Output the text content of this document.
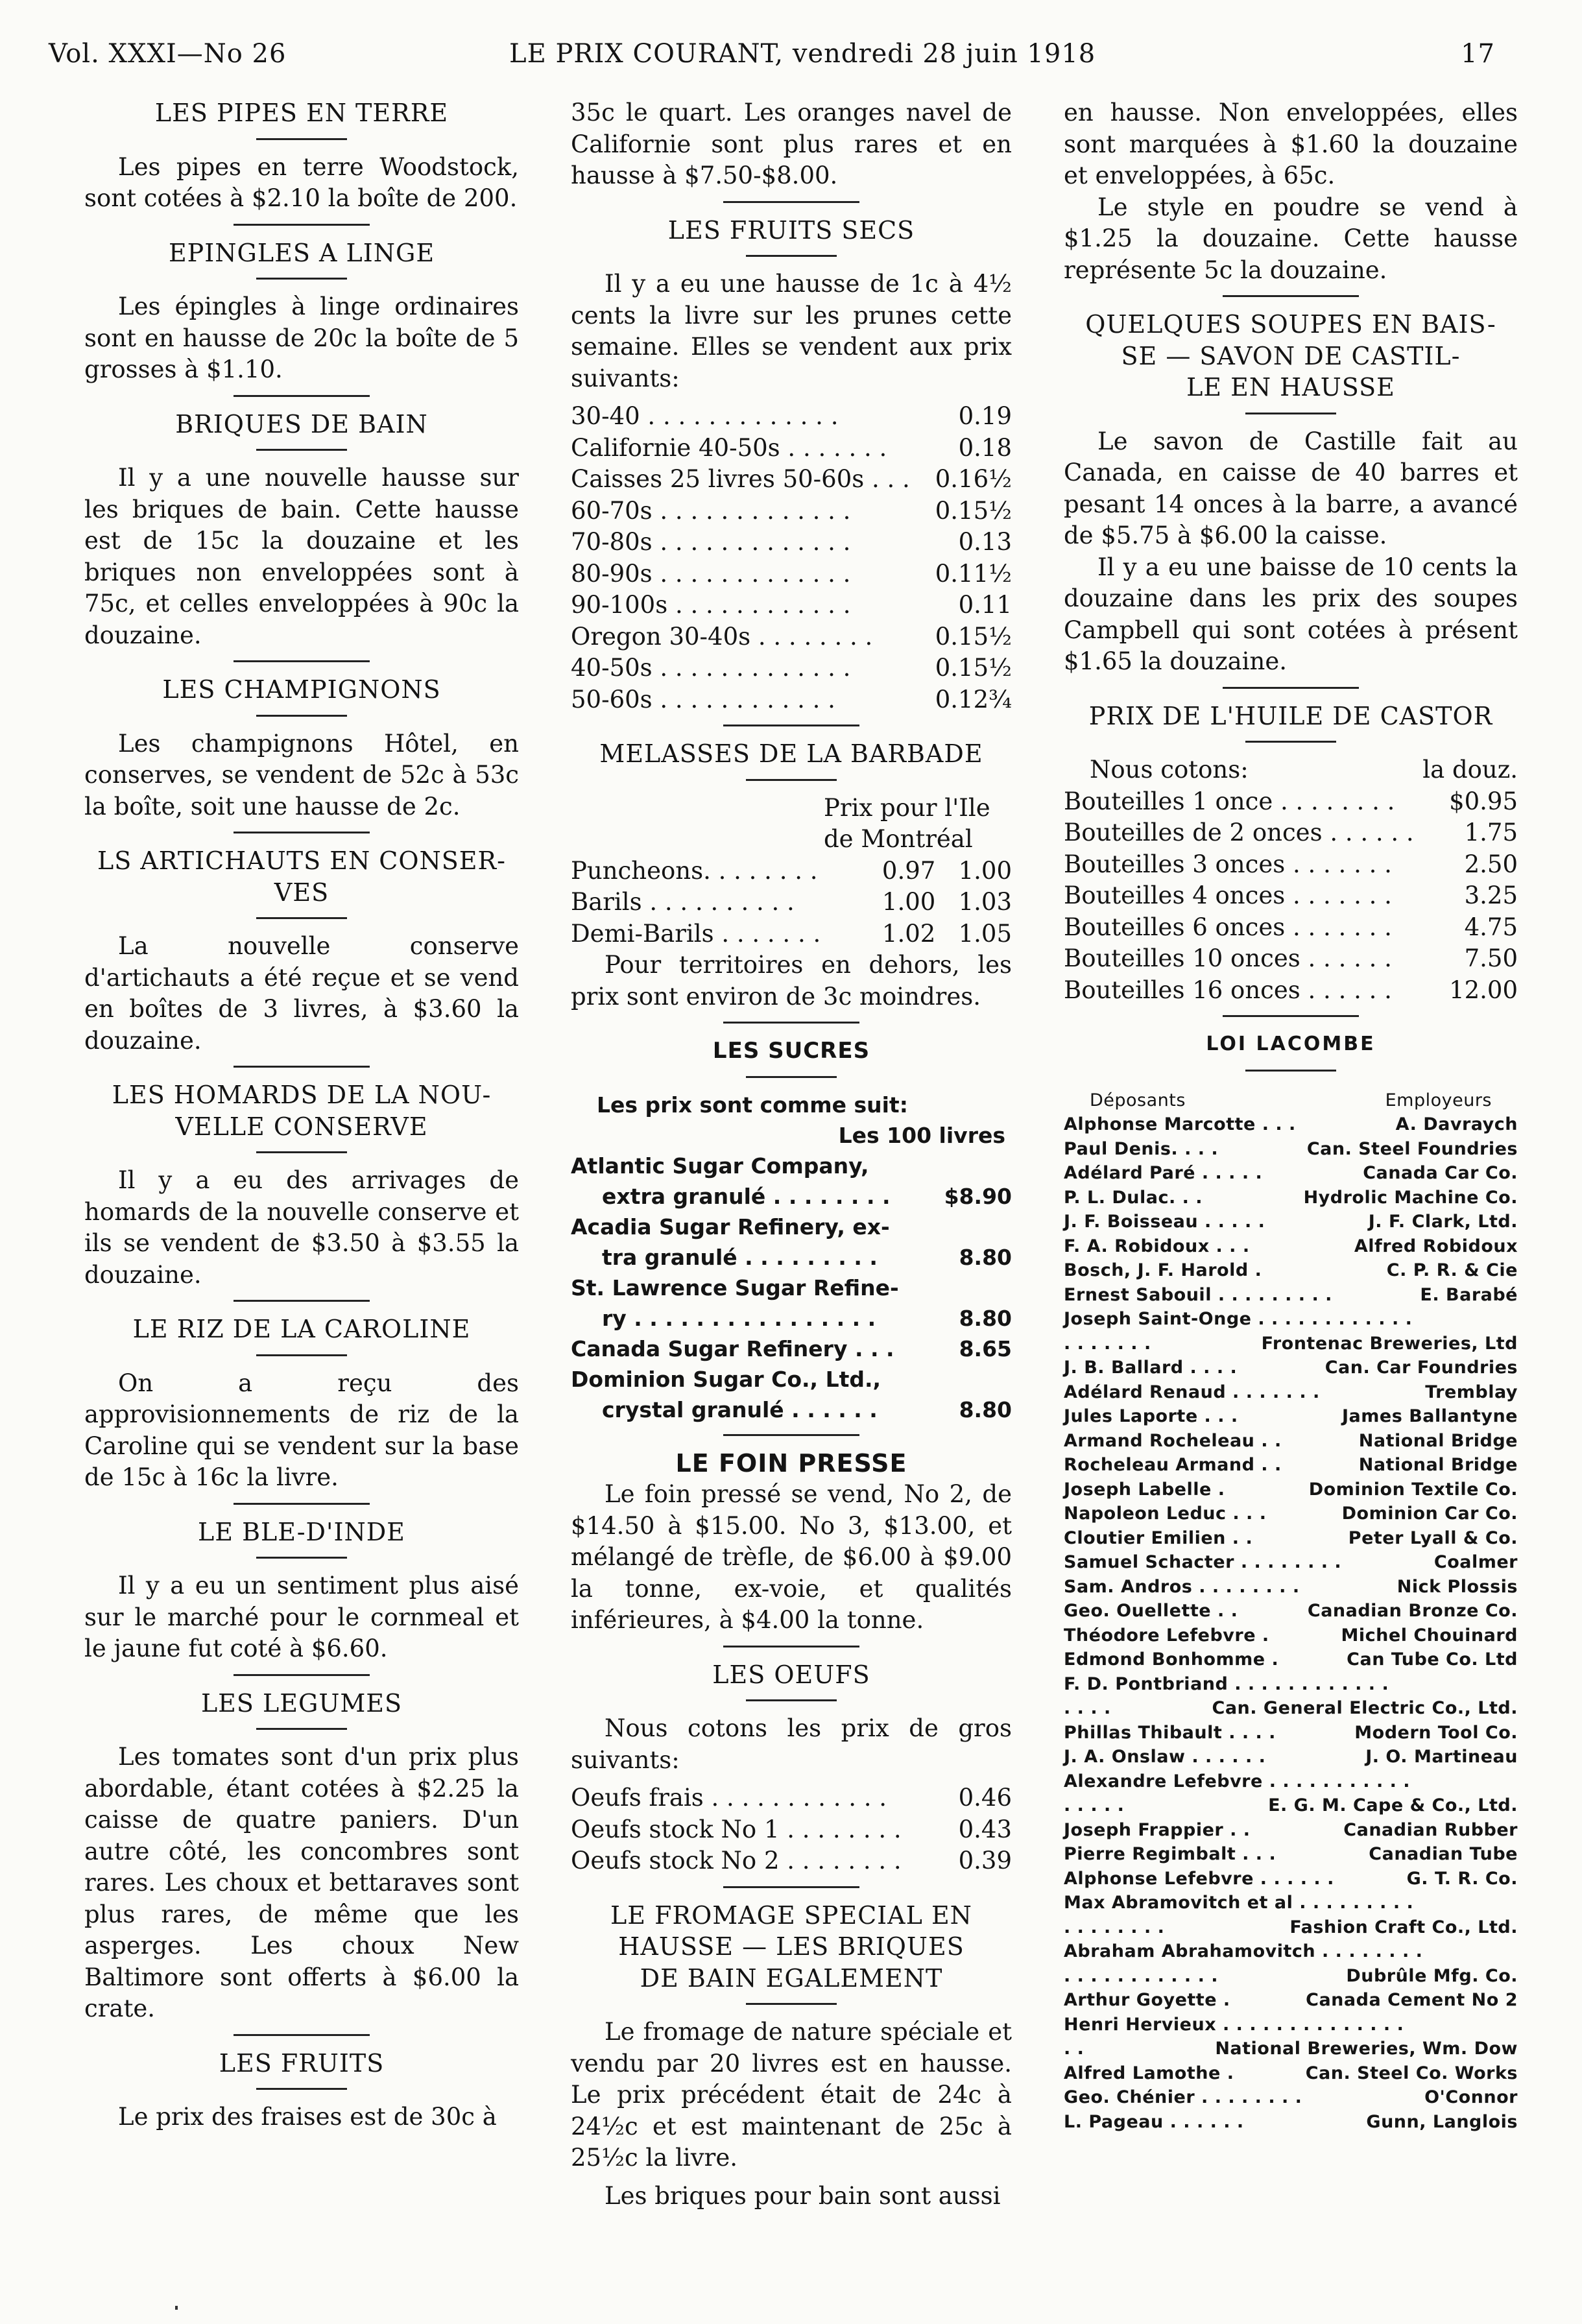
Vol. XXXI—No 26	LE PRIX COURANT, vendredi 28 juin 1918	17

LES PIPES EN TERRE

Les pipes en terre Woodstock, sont cotées à $2.10 la boîte de 200.

EPINGLES A LINGE

Les épingles à linge ordinaires sont en hausse de 20c la boîte de 5 grosses à $1.10.

BRIQUES DE BAIN

Il y a une nouvelle hausse sur les briques de bain. Cette hausse est de 15c la douzaine et les briques non enveloppées sont à 75c, et celles enveloppées à 90c la douzaine.

LES CHAMPIGNONS

Les champignons Hôtel, en conserves, se vendent de 52c à 53c la boîte, soit une hausse de 2c.

LS ARTICHAUTS EN CONSER-

VES

La nouvelle conserve d'artichauts a été reçue et se vend en boîtes de 3 livres, à $3.60 la douzaine.

LES HOMARDS DE LA NOU-

VELLE CONSERVE

Il y a eu des arrivages de homards de la nouvelle conserve et ils se vendent de $3.50 à $3.55 la douzaine.

LE RIZ DE LA CAROLINE

On a reçu des approvisionnements de riz de la Caroline qui se vendent sur la base de 15c à 16c la livre.

LE BLE-D'INDE

Il y a eu un sentiment plus aisé sur le marché pour le cornmeal et le jaune fut coté à $6.60.

LES LEGUMES

Les tomates sont d'un prix plus abordable, étant cotées à $2.25 la caisse de quatre paniers. D'un autre côté, les concombres sont rares. Les choux et bettaraves sont plus rares, de même que les asperges. Les choux New Baltimore sont offerts à $6.00 la crate.

LES FRUITS

Le prix des fraises est de 30c à

35c le quart. Les oranges navel de Californie sont plus rares et en hausse à $7.50-$8.00.

LES FRUITS SECS

Il y a eu une hausse de 1c à 4½ cents la livre sur les prunes cette semaine. Elles se vendent aux prix suivants:

30-40 . . . . . . . . . . . . .	0.19
Californie 40-50s . . . . . . .	0.18
Caisses 25 livres 50-60s . . . 0.16½
60-70s . . . . . . . . . . . . .	0.15½
70-80s . . . . . . . . . . . . .	0.13
80-90s . . . . . . . . . . . . .	0.11½
90-100s . . . . . . . . . . . .	0.11
Oregon 30-40s . . . . . . . .	0.15½
40-50s . . . . . . . . . . . . .	0.15½
50-60s . . . . . . . . . . . .	0.12¾

MELASSES DE LA BARBADE

Prix pour l'Ile
de Montréal
Puncheons. . . . . . . .	0.97 1.00
Barils . . . . . . . . . .	1.00 1.03
Demi-Barils . . . . . . .	1.02 1.05

Pour territoires en dehors, les prix sont environ de 3c moindres.

LES SUCRES

Les prix sont comme suit:
Les 100 livres
Atlantic Sugar Company,
extra granulé . . . . . . . .	$8.90
Acadia Sugar Refinery, ex-
tra granulé . . . . . . . . .	8.80
St. Lawrence Sugar Refine-
ry . . . . . . . . . . . . . . . .	8.80
Canada Sugar Refinery . . .	8.65
Dominion Sugar Co., Ltd.,
crystal granulé . . . . . .	8.80

LE FOIN PRESSE

Le foin pressé se vend, No 2, de $14.50 à $15.00. No 3, $13.00, et mélangé de trèfle, de $6.00 à $9.00 la tonne, ex-voie, et qualités inférieures, à $4.00 la tonne.

LES OEUFS

Nous cotons les prix de gros suivants:

Oeufs frais . . . . . . . . . . . .	0.46
Oeufs stock No 1 . . . . . . . . 0.43
Oeufs stock No 2 . . . . . . . . 0.39

LE FROMAGE SPECIAL EN

HAUSSE — LES BRIQUES

DE BAIN EGALEMENT

Le fromage de nature spéciale et vendu par 20 livres est en hausse. Le prix précédent était de 24c à 24½c et est maintenant de 25c à 25½c la livre.

Les briques pour bain sont aussi

en hausse. Non enveloppées, elles sont marquées à $1.60 la douzaine et enveloppées, à 65c.

Le style en poudre se vend à $1.25 la douzaine. Cette hausse représente 5c la douzaine.

QUELQUES SOUPES EN BAIS-

SE — SAVON DE CASTIL-

LE EN HAUSSE

Le savon de Castille fait au Canada, en caisse de 40 barres et pesant 14 onces à la barre, a avancé de $5.75 à $6.00 la caisse.

Il y a eu une baisse de 10 cents la douzaine dans les prix des soupes Campbell qui sont cotées à présent $1.65 la douzaine.

PRIX DE L'HUILE DE CASTOR

Nous cotons:	la douz.
Bouteilles 1 once . . . . . . . . $0.95
Bouteilles de 2 onces . . . . . . 1.75
Bouteilles 3 onces . . . . . . .	2.50
Bouteilles 4 onces . . . . . . .	3.25
Bouteilles 6 onces . . . . . . .	4.75
Bouteilles 10 onces . . . . . .	7.50
Bouteilles 16 onces . . . . . . 12.00

LOI LACOMBE

Déposants	Employeurs
Alphonse Marcotte . . .	A. Davraych
Paul Denis. . . .	Can. Steel Foundries
Adélard Paré . . . . .	Canada Car Co.
P. L. Dulac. . .	Hydrolic Machine Co.
J. F. Boisseau . . . . .	J. F. Clark, Ltd.
F. A. Robidoux . . .	Alfred Robidoux
Bosch, J. F. Harold .	C. P. R. & Cie
Ernest Sabouil . . . . . . . . .	E. Barabé
Joseph Saint-Onge . . . . . . . . . . . .
. . . . . . .	Frontenac Breweries, Ltd
J. B. Ballard . . . .	Can. Car Foundries
Adélard Renaud . . . . . . .	Tremblay
Jules Laporte . . .	James Ballantyne
Armand Rocheleau . .	National Bridge
Rocheleau Armand . .	National Bridge
Joseph Labelle .	Dominion Textile Co.
Napoleon Leduc . . .	Dominion Car Co.
Cloutier Emilien . .	Peter Lyall & Co.
Samuel Schacter . . . . . . . .	Coalmer
Sam. Andros . . . . . . . .	Nick Plossis
Geo. Ouellette . .	Canadian Bronze Co.
Théodore Lefebvre .	Michel Chouinard
Edmond Bonhomme .	Can Tube Co. Ltd
F. D. Pontbriand . . . . . . . . . . . .
. . . .	Can. General Electric Co., Ltd.
Phillas Thibault . . . .	Modern Tool Co.
J. A. Onslaw . . . . . .	J. O. Martineau
Alexandre Lefebvre . . . . . . . . . . .
. . . . .	E. G. M. Cape & Co., Ltd.
Joseph Frappier . .	Canadian Rubber
Pierre Regimbalt . . .	Canadian Tube
Alphonse Lefebvre . . . . . .	G. T. R. Co.
Max Abramovitch et al . . . . . . . . .
. . . . . . . .	Fashion Craft Co., Ltd.
Abraham Abrahamovitch . . . . . . . .
. . . . . . . . . . . .	Dubrûle Mfg. Co.
Arthur Goyette .	Canada Cement No 2
Henri Hervieux . . . . . . . . . . . . . .
. .	National Breweries, Wm. Dow
Alfred Lamothe .	Can. Steel Co. Works
Geo. Chénier . . . . . . . .	O'Connor
L. Pageau . . . . . .	Gunn, Langlois
